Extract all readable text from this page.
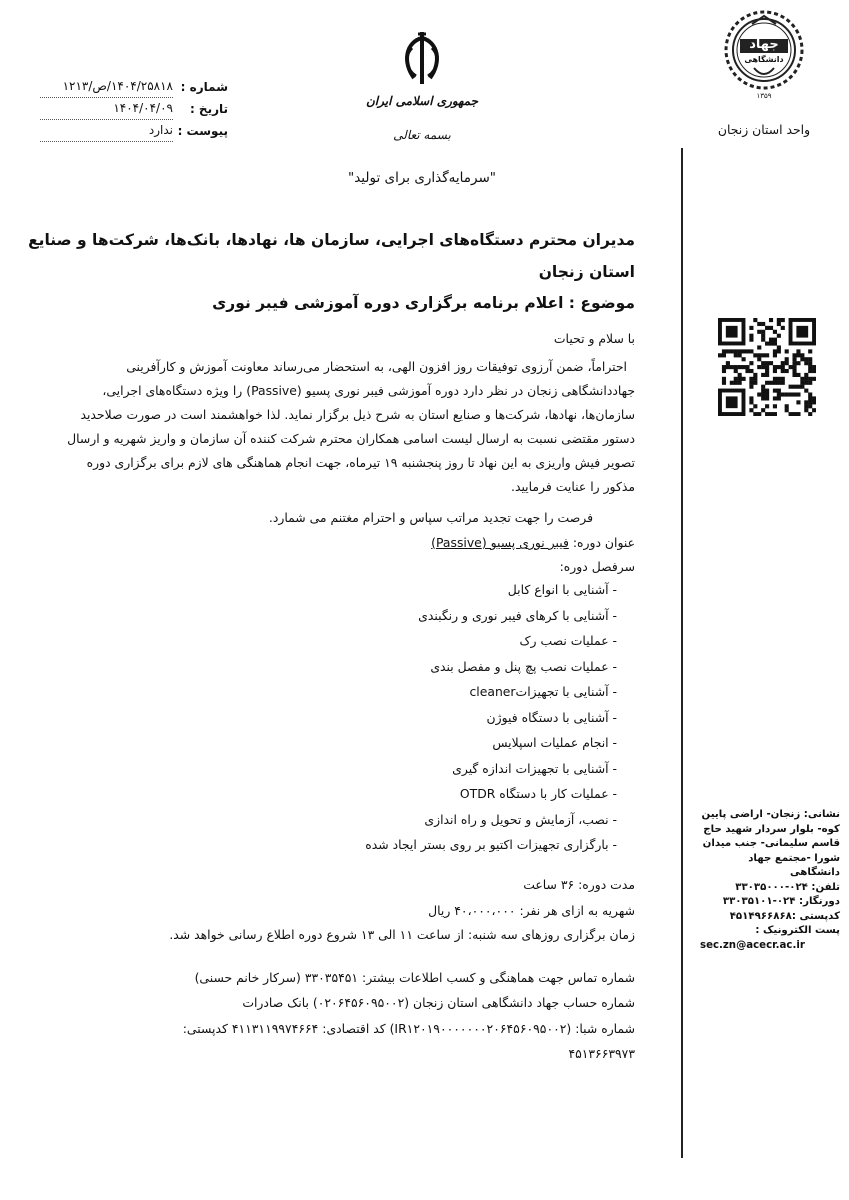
جهاد
دانشگاهی
۱۳۵۹
واحد استان زنجان
جمهوری اسلامی ایران
بسمه تعالی
"سرمایه‌گذاری برای تولید"
شماره :
۱۴۰۴/۲۵۸۱۸/ص/۱۲۱۳
تاریخ :
۱۴۰۴/۰۴/۰۹
پیوست :
ندارد
مدیران محترم دستگاه‌های اجرایی، سازمان ها، نهادها، بانک‌ها، شرکت‌ها و صنایع
استان زنجان
موضوع : اعلام برنامه برگزاری دوره آموزشی فیبر نوری
با سلام و تحیات
احتراماً، ضمن آرزوی توفیقات روز افزون الهی، به استحضار می‌رساند معاونت آموزش و کارآفرینی
جهاددانشگاهی زنجان در نظر دارد دوره آموزشی فیبر نوری پسیو (Passive) را ویژه دستگاه‌های اجرایی،
سازمان‌ها، نهادها، شرکت‌ها و صنایع استان به شرح ذیل برگزار نماید. لذا خواهشمند است در صورت صلاحدید
دستور مقتضی نسبت به ارسال لیست اسامی همکاران محترم شرکت کننده آن سازمان و واریز شهریه و ارسال
تصویر فیش واریزی به این نهاد تا روز پنجشنبه ۱۹ تیرماه، جهت انجام هماهنگی های لازم برای برگزاری دوره
مذکور را عنایت فرمایید.
فرصت را جهت تجدید مراتب سپاس و احترام مغتنم می شمارد.
عنوان دوره: فیبر نوری پسیو (Passive)
سرفصل دوره:
- آشنایی با انواع کابل
- آشنایی با کرهای فیبر نوری و رنگبندی
- عملیات نصب رک
- عملیات نصب پچ پنل و مفصل بندی
- آشنایی با تجهیزاتcleaner
- آشنایی با دستگاه فیوژن
- انجام عملیات اسپلایس
- آشنایی با تجهیزات اندازه گیری
- عملیات کار با دستگاه OTDR
- نصب، آزمایش و تحویل و راه اندازی
- بارگزاری تجهیزات اکتیو بر روی بستر ایجاد شده
مدت دوره: ۳۶ ساعت
شهریه به ازای هر نفر: ۴۰،۰۰۰،۰۰۰ ریال
زمان برگزاری روزهای سه شنبه: از ساعت ۱۱ الی ۱۳ شروع دوره اطلاع رسانی خواهد شد.
شماره تماس جهت هماهنگی و کسب اطلاعات بیشتر: ۳۳۰۳۵۴۵۱ (سرکار خانم حسنی)
شماره حساب جهاد دانشگاهی استان زنجان (۰۲۰۶۴۵۶۰۹۵۰۰۲) بانک صادرات
شماره شبا: (IR۱۲۰۱۹۰۰۰۰۰۰۰۲۰۶۴۵۶۰۹۵۰۰۲) کد اقتصادی: ۴۱۱۳۱۱۹۹۷۴۶۶۴ کدپستی:
۴۵۱۳۶۶۳۹۷۳
نشانی: زنجان- اراضی پایین
کوه- بلوار سردار شهید حاج
قاسم سلیمانی- جنب میدان
شورا -مجتمع جهاد دانشگاهی
تلفن: ۰۲۴-۳۳۰۳۵۰۰۰
دورنگار: ۰۲۴-۳۳۰۳۵۱۰۱
کدپستی :۴۵۱۴۹۶۶۸۶۸
پست الکترونیک :
sec.zn@acecr.ac.ir
